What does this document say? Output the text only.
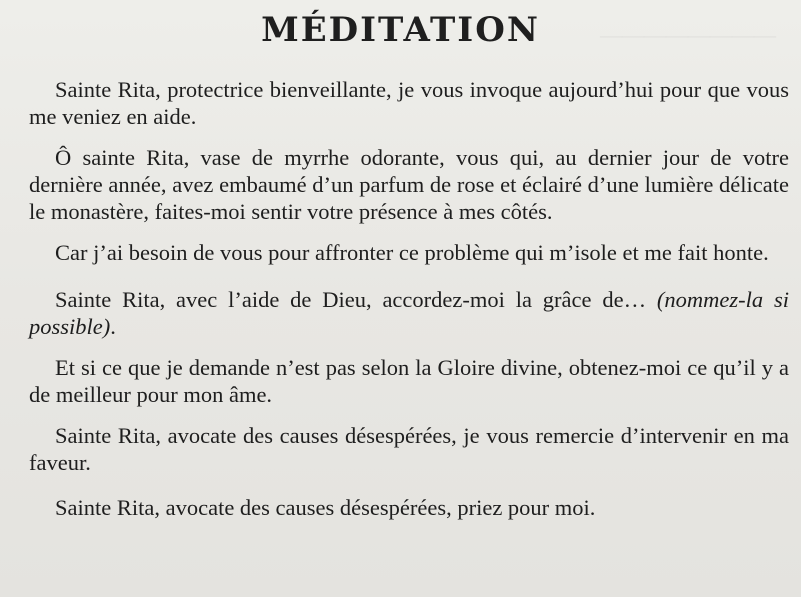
————————
MÉDITATION

Sainte Rita, protectrice bienveillante, je vous invoque aujourd’hui pour que vous me veniez en aide.

Ô sainte Rita, vase de myrrhe odorante, vous qui, au dernier jour de votre dernière année, avez embaumé d’un parfum de rose et éclairé d’une lumière délicate le monastère, faites-moi sentir votre présence à mes côtés.

Car j’ai besoin de vous pour affronter ce problème qui m’isole et me fait honte.

Sainte Rita, avec l’aide de Dieu, accordez-moi la grâce de… (nommez-la si possible).

Et si ce que je demande n’est pas selon la Gloire divine, obtenez-moi ce qu’il y a de meilleur pour mon âme.

Sainte Rita, avocate des causes désespérées, je vous remercie d’intervenir en ma faveur.

Sainte Rita, avocate des causes désespérées, priez pour moi.
